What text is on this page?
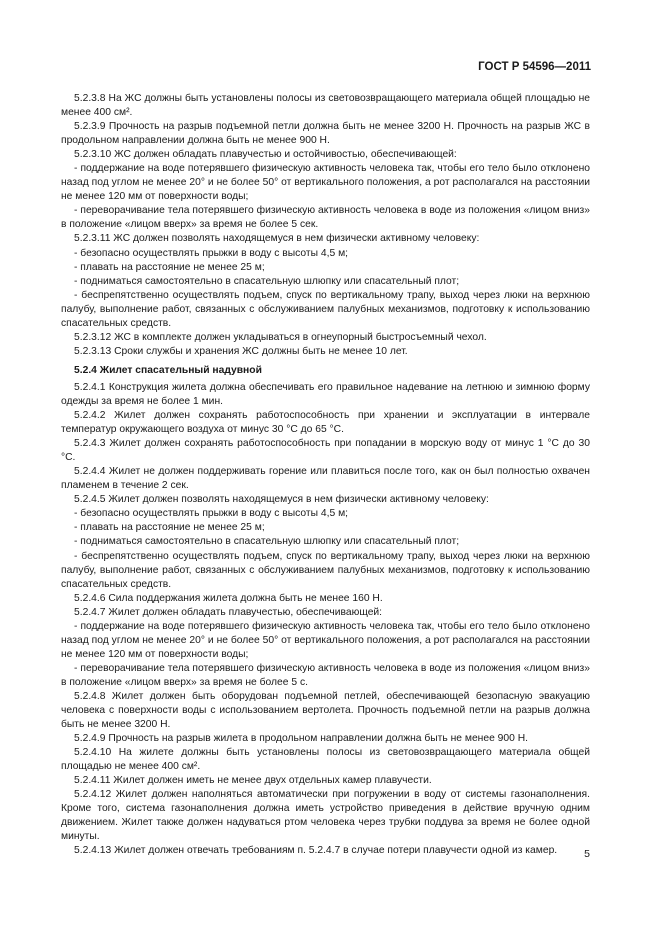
ГОСТ Р 54596—2011

5.2.3.8 На ЖС должны быть установлены полосы из световозвращающего материала общей площадью не менее 400 см².

5.2.3.9 Прочность на разрыв подъемной петли должна быть не менее 3200 Н. Прочность на разрыв ЖС в продольном направлении должна быть не менее 900 Н.

5.2.3.10 ЖС должен обладать плавучестью и остойчивостью, обеспечивающей:

- поддержание на воде потерявшего физическую активность человека так, чтобы его тело было отклонено назад под углом не менее 20° и не более 50° от вертикального положения, а рот располагался на расстоянии не менее 120 мм от поверхности воды;

- переворачивание тела потерявшего физическую активность человека в воде из положения «лицом вниз» в положение «лицом вверх» за время не более 5 сек.

5.2.3.11 ЖС должен позволять находящемуся в нем физически активному человеку:

- безопасно осуществлять прыжки в воду с высоты 4,5 м;

- плавать на расстояние не менее 25 м;

- подниматься самостоятельно в спасательную шлюпку или спасательный плот;

- беспрепятственно осуществлять подъем, спуск по вертикальному трапу, выход через люки на верхнюю палубу, выполнение работ, связанных с обслуживанием палубных механизмов, подготовку к использованию спасательных средств.

5.2.3.12 ЖС в комплекте должен укладываться в огнеупорный быстросъемный чехол.

5.2.3.13 Сроки службы и хранения ЖС должны быть не менее 10 лет.

5.2.4 Жилет спасательный надувной

5.2.4.1 Конструкция жилета должна обеспечивать его правильное надевание на летнюю и зимнюю форму одежды за время не более 1 мин.

5.2.4.2 Жилет должен сохранять работоспособность при хранении и эксплуатации в интервале температур окружающего воздуха от минус 30 °С до 65 °С.

5.2.4.3 Жилет должен сохранять работоспособность при попадании в морскую воду от минус 1 °С до 30 °С.

5.2.4.4 Жилет не должен поддерживать горение или плавиться после того, как он был полностью охвачен пламенем в течение 2 сек.

5.2.4.5 Жилет должен позволять находящемуся в нем физически активному человеку:

- безопасно осуществлять прыжки в воду с высоты 4,5 м;

- плавать на расстояние не менее 25 м;

- подниматься самостоятельно в спасательную шлюпку или спасательный плот;

- беспрепятственно осуществлять подъем, спуск по вертикальному трапу, выход через люки на верхнюю палубу, выполнение работ, связанных с обслуживанием палубных механизмов, подготовку к использованию спасательных средств.

5.2.4.6 Сила поддержания жилета должна быть не менее 160 Н.

5.2.4.7 Жилет должен обладать плавучестью, обеспечивающей:

- поддержание на воде потерявшего физическую активность человека так, чтобы его тело было отклонено назад под углом не менее 20° и не более 50° от вертикального положения, а рот располагался на расстоянии не менее 120 мм от поверхности воды;

- переворачивание тела потерявшего физическую активность человека в воде из положения «лицом вниз» в положение «лицом вверх» за время не более 5 с.

5.2.4.8 Жилет должен быть оборудован подъемной петлей, обеспечивающей безопасную эвакуацию человека с поверхности воды с использованием вертолета. Прочность подъемной петли на разрыв должна быть не менее 3200 Н.

5.2.4.9 Прочность на разрыв жилета в продольном направлении должна быть не менее 900 Н.

5.2.4.10 На жилете должны быть установлены полосы из световозвращающего материала общей площадью не менее 400 см².

5.2.4.11 Жилет должен иметь не менее двух отдельных камер плавучести.

5.2.4.12 Жилет должен наполняться автоматически при погружении в воду от системы газонаполнения. Кроме того, система газонаполнения должна иметь устройство приведения в действие вручную одним движением. Жилет также должен надуваться ртом человека через трубки поддува за время не более одной минуты.

5.2.4.13 Жилет должен отвечать требованиям п. 5.2.4.7 в случае потери плавучести одной из камер.	5
